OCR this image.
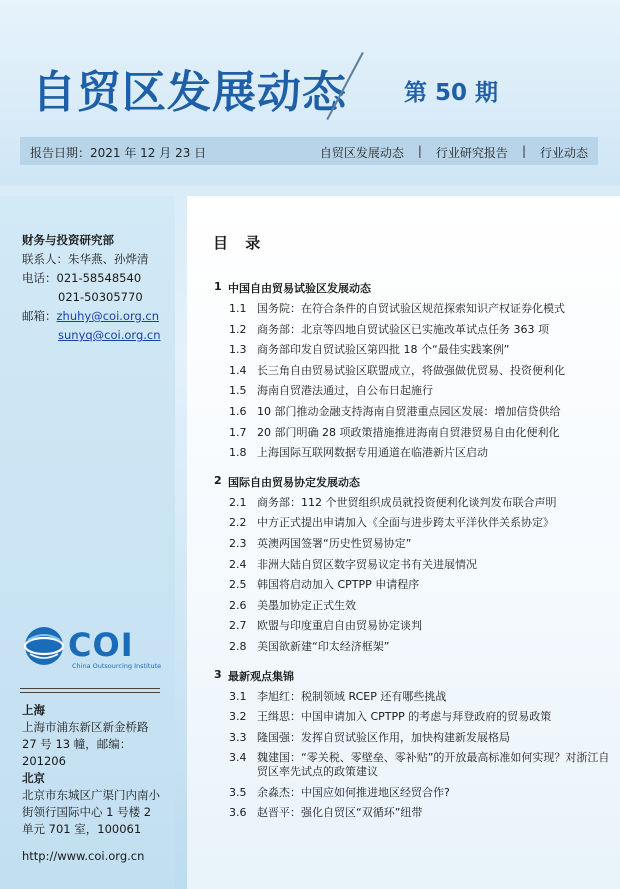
自贸区发展动态 第 50 期
报告日期：2021 年 12 月 23 日	自贸区发展动态 | 行业研究报告 | 行业动态
财务与投资研究部
联系人：朱华燕、孙烨清
电话：021-58548540
021-50305770
邮箱：zhuhy@coi.org.cn
sunyq@coi.org.cn
COI
China Outsourcing Institute
上海
上海市浦东新区新金桥路 27 号 13 幢，邮编：201206
北京
北京市东城区广渠门内南小街领行国际中心 1 号楼 2 单元 701 室，100061
http://www.coi.org.cn
目 录
1 中国自由贸易试验区发展动态
1.1 国务院：在符合条件的自贸试验区规范探索知识产权证券化模式
1.2 商务部：北京等四地自贸试验区已实施改革试点任务 363 项
1.3 商务部印发自贸试验区第四批 18 个“最佳实践案例”
1.4 长三角自由贸易试验区联盟成立，将做强做优贸易、投资便利化
1.5 海南自贸港法通过，自公布日起施行
1.6 10 部门推动金融支持海南自贸港重点园区发展：增加信贷供给
1.7 20 部门明确 28 项政策措施推进海南自贸港贸易自由化便利化
1.8 上海国际互联网数据专用通道在临港新片区启动
2 国际自由贸易协定发展动态
2.1 商务部：112 个世贸组织成员就投资便利化谈判发布联合声明
2.2 中方正式提出申请加入《全面与进步跨太平洋伙伴关系协定》
2.3 英澳两国签署“历史性贸易协定”
2.4 非洲大陆自贸区数字贸易议定书有关进展情况
2.5 韩国将启动加入 CPTPP 申请程序
2.6 美墨加协定正式生效
2.7 欧盟与印度重启自由贸易协定谈判
2.8 美国欲新建“印太经济框架”
3 最新观点集锦
3.1 李旭红：税制领域 RCEP 还有哪些挑战
3.2 王缉思：中国申请加入 CPTPP 的考虑与拜登政府的贸易政策
3.3 隆国强：发挥自贸试验区作用，加快构建新发展格局
3.4 魏建国：“零关税、零壁垒、零补贴”的开放最高标准如何实现？对浙江自贸区率先试点的政策建议
3.5 余淼杰：中国应如何推进地区经贸合作?
3.6 赵晋平：强化自贸区“双循环”纽带
